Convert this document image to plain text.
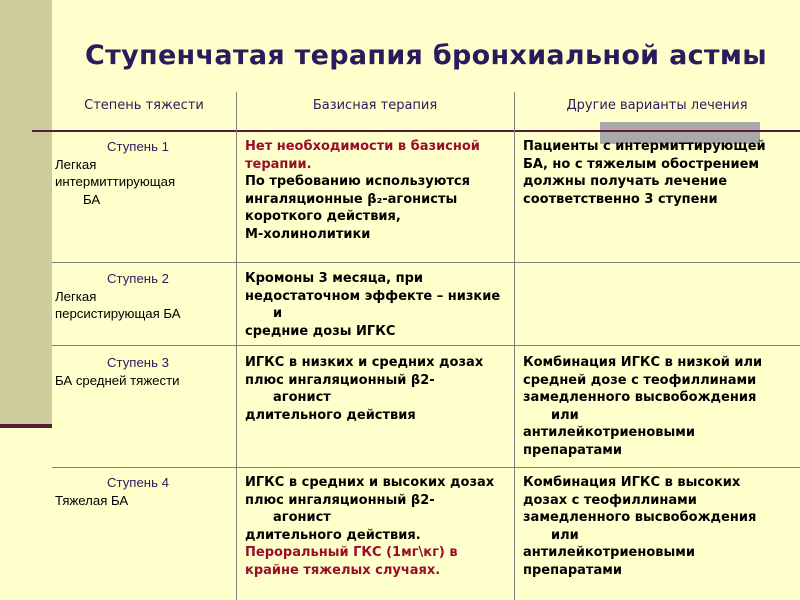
Ступенчатая терапия бронхиальной астмы
Степень тяжести	Базисная терапия	Другие варианты лечения
Ступень 1
Легкая
интермиттирующая
БА
Нет необходимости в базисной
терапии.
По требованию используются
ингаляционные β₂-агонисты
короткого действия,
М-холинолитики
Пациенты с интермиттирующей
БА, но с тяжелым обострением
должны получать лечение
соответственно 3 ступени
Ступень 2
Легкая
персистирующая БА
Кромоны 3 месяца, при
недостаточном эффекте – низкие
и
средние дозы ИГКС
Ступень 3
БА средней тяжести
ИГКС в низких и средних дозах
плюс ингаляционный β2-
агонист
длительного действия
Комбинация ИГКС в низкой или
средней дозе с теофиллинами
замедленного высвобождения
или
антилейкотриеновыми
препаратами
Ступень 4
Тяжелая БА
ИГКС в средних и высоких дозах
плюс ингаляционный β2-
агонист
длительного действия.
Пероральный ГКС (1мг\кг) в
крайне тяжелых случаях.
Комбинация ИГКС в высоких
дозах с теофиллинами
замедленного высвобождения
или
антилейкотриеновыми
препаратами
